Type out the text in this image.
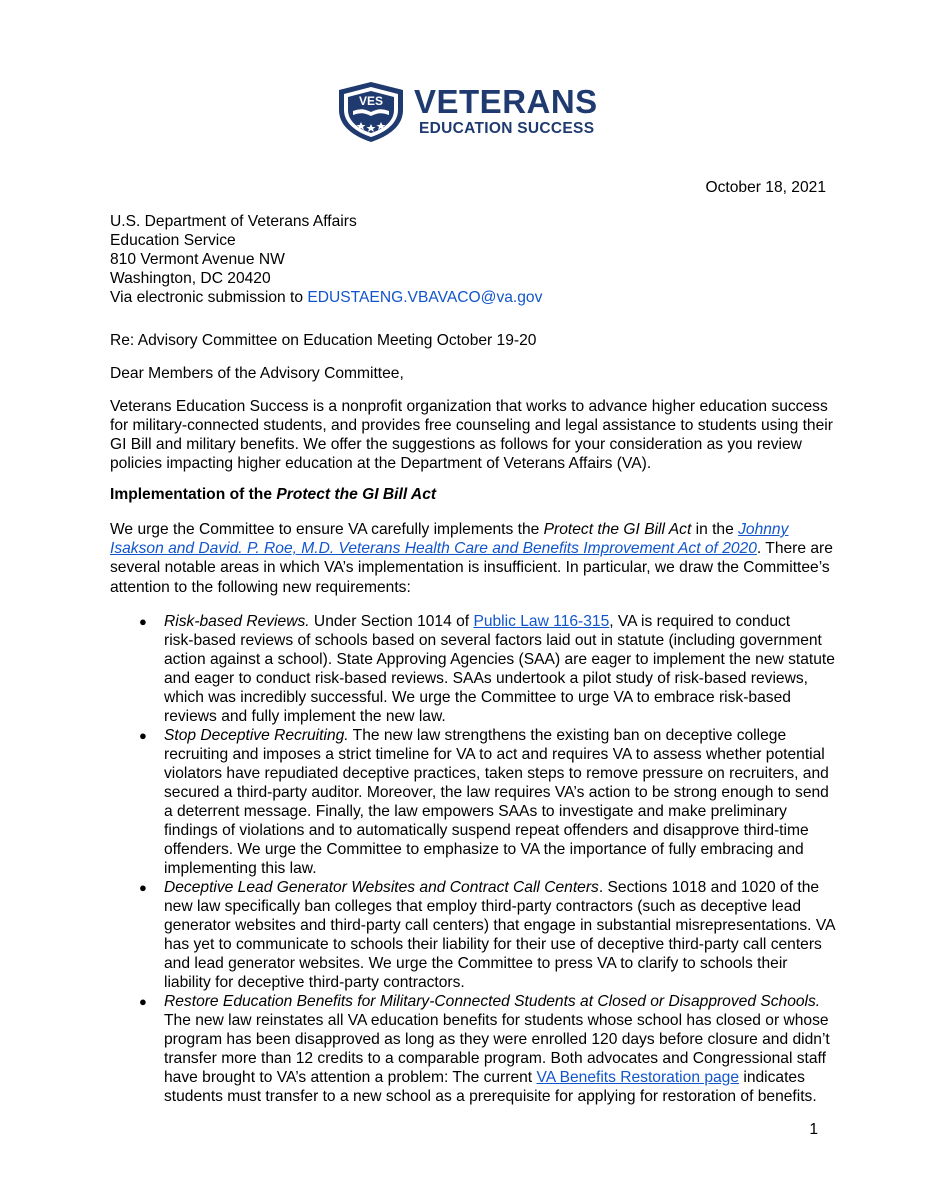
VES VETERANS
EDUCATION SUCCESS
October 18, 2021
U.S. Department of Veterans Affairs
Education Service
810 Vermont Avenue NW
Washington, DC 20420
Via electronic submission to EDUSTAENG.VBAVACO@va.gov
Re: Advisory Committee on Education Meeting October 19-20
Dear Members of the Advisory Committee,
Veterans Education Success is a nonprofit organization that works to advance higher education success
for military-connected students, and provides free counseling and legal assistance to students using their
GI Bill and military benefits. We offer the suggestions as follows for your consideration as you review
policies impacting higher education at the Department of Veterans Affairs (VA).
Implementation of the Protect the GI Bill Act
We urge the Committee to ensure VA carefully implements the Protect the GI Bill Act in the Johnny
Isakson and David. P. Roe, M.D. Veterans Health Care and Benefits Improvement Act of 2020. There are
several notable areas in which VA’s implementation is insufficient. In particular, we draw the Committee’s
attention to the following new requirements:
● Risk-based Reviews. Under Section 1014 of Public Law 116-315, VA is required to conduct
risk-based reviews of schools based on several factors laid out in statute (including government
action against a school). State Approving Agencies (SAA) are eager to implement the new statute
and eager to conduct risk-based reviews. SAAs undertook a pilot study of risk-based reviews,
which was incredibly successful. We urge the Committee to urge VA to embrace risk-based
reviews and fully implement the new law.
● Stop Deceptive Recruiting. The new law strengthens the existing ban on deceptive college
recruiting and imposes a strict timeline for VA to act and requires VA to assess whether potential
violators have repudiated deceptive practices, taken steps to remove pressure on recruiters, and
secured a third-party auditor. Moreover, the law requires VA’s action to be strong enough to send
a deterrent message. Finally, the law empowers SAAs to investigate and make preliminary
findings of violations and to automatically suspend repeat offenders and disapprove third-time
offenders. We urge the Committee to emphasize to VA the importance of fully embracing and
implementing this law.
● Deceptive Lead Generator Websites and Contract Call Centers. Sections 1018 and 1020 of the
new law specifically ban colleges that employ third-party contractors (such as deceptive lead
generator websites and third-party call centers) that engage in substantial misrepresentations. VA
has yet to communicate to schools their liability for their use of deceptive third-party call centers
and lead generator websites. We urge the Committee to press VA to clarify to schools their
liability for deceptive third-party contractors.
● Restore Education Benefits for Military-Connected Students at Closed or Disapproved Schools.
The new law reinstates all VA education benefits for students whose school has closed or whose
program has been disapproved as long as they were enrolled 120 days before closure and didn’t
transfer more than 12 credits to a comparable program. Both advocates and Congressional staff
have brought to VA’s attention a problem: The current VA Benefits Restoration page indicates
students must transfer to a new school as a prerequisite for applying for restoration of benefits.
1
